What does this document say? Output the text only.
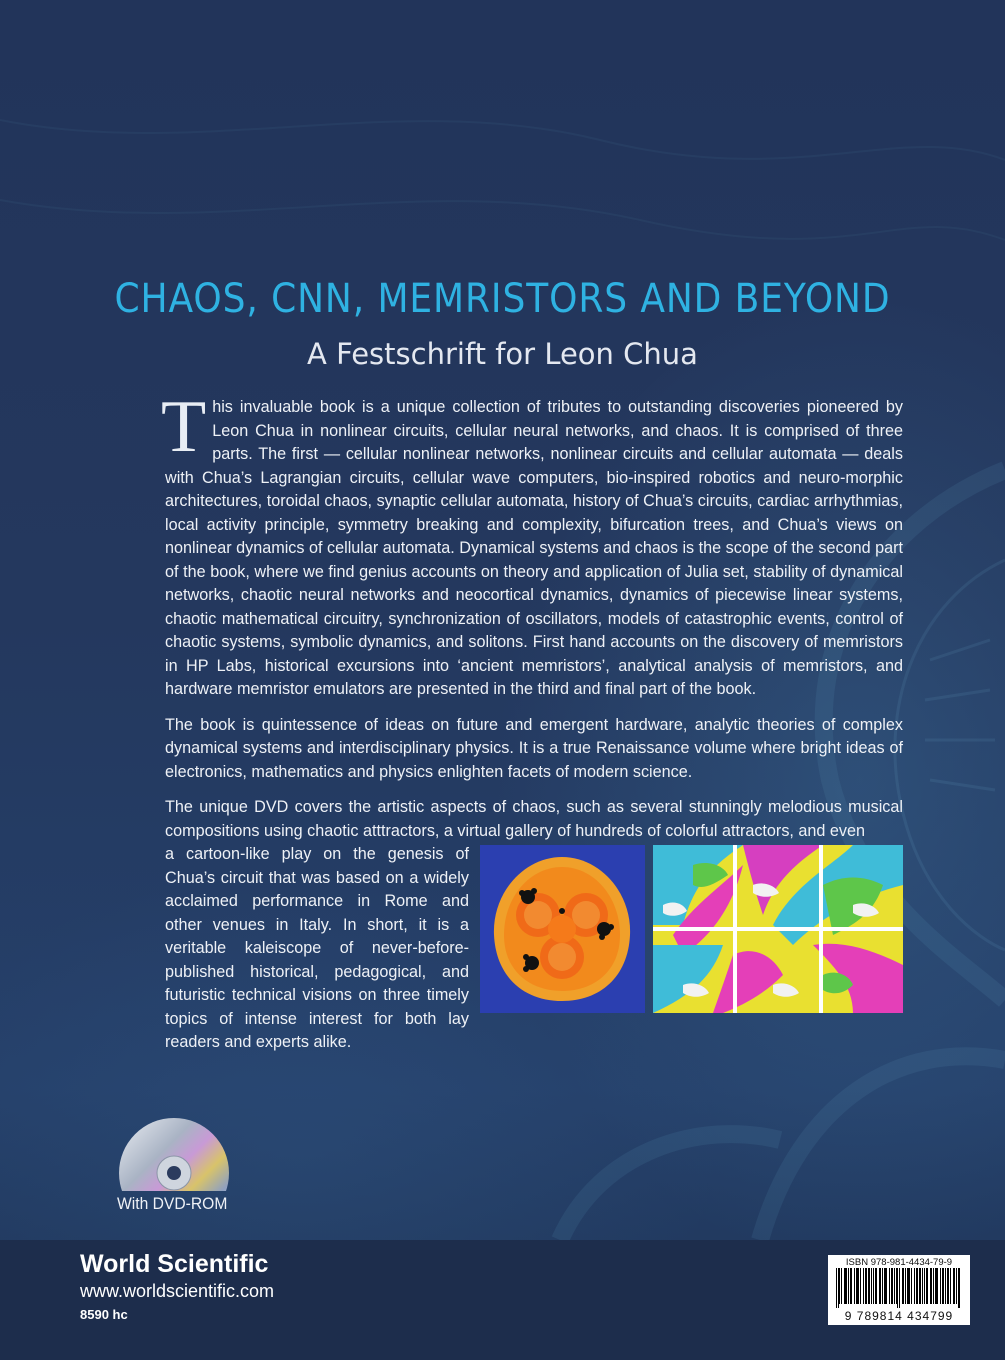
CHAOS, CNN, MEMRISTORS AND BEYOND
A Festschrift for Leon Chua

This invaluable book is a unique collection of tributes to outstanding discoveries pioneered by Leon Chua in nonlinear circuits, cellular neural networks, and chaos. It is comprised of three parts. The first — cellular nonlinear networks, nonlinear circuits and cellular automata — deals with Chua’s Lagrangian circuits, cellular wave computers, bio-inspired robotics and neuro-morphic architectures, toroidal chaos, synaptic cellular automata, history of Chua’s circuits, cardiac arrhythmias, local activity principle, symmetry breaking and complexity, bifurcation trees, and Chua’s views on nonlinear dynamics of cellular automata. Dynamical systems and chaos is the scope of the second part of the book, where we find genius accounts on theory and application of Julia set, stability of dynamical networks, chaotic neural networks and neocortical dynamics, dynamics of piecewise linear systems, chaotic mathematical circuitry, synchronization of oscillators, models of catastrophic events, control of chaotic systems, symbolic dynamics, and solitons. First hand accounts on the discovery of memristors in HP Labs, historical excursions into ‘ancient memristors’, analytical analysis of memristors, and hardware memristor emulators are presented in the third and final part of the book.

The book is quintessence of ideas on future and emergent hardware, analytic theories of complex dynamical systems and interdisciplinary physics. It is a true Renaissance volume where bright ideas of electronics, mathematics and physics enlighten facets of modern science.

The unique DVD covers the artistic aspects of chaos, such as several stunningly melodious musical compositions using chaotic atttractors, a virtual gallery of hundreds of colorful attractors, and even

a cartoon-like play on the genesis of Chua’s circuit that was based on a widely acclaimed performance in Rome and other venues in Italy. In short, it is a veritable kaleiscope of never-before-published historical, pedagogical, and futuristic technical visions on three timely topics of intense interest for both lay readers and experts alike.
With DVD-ROM
World Scientific
www.worldscientific.com
8590 hc
ISBN 978-981-4434-79-9
9 789814 434799
